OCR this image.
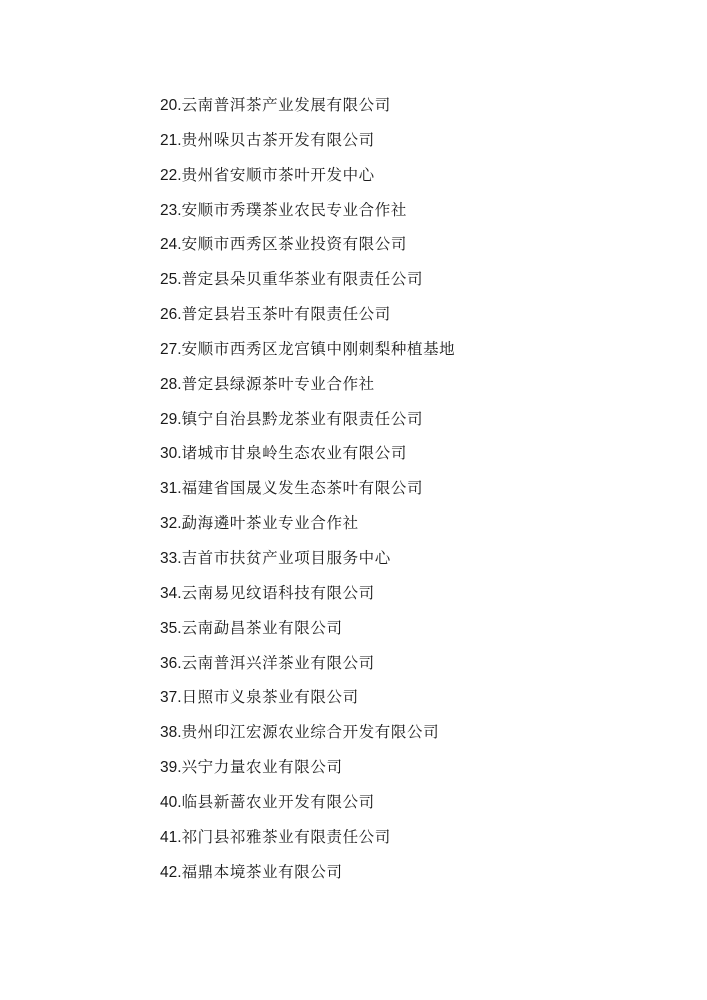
20.云南普洱茶产业发展有限公司
21.贵州哚贝古茶开发有限公司
22.贵州省安顺市茶叶开发中心
23.安顺市秀璞茶业农民专业合作社
24.安顺市西秀区茶业投资有限公司
25.普定县朵贝重华茶业有限责任公司
26.普定县岩玉茶叶有限责任公司
27.安顺市西秀区龙宫镇中刚刺梨种植基地
28.普定县绿源茶叶专业合作社
29.镇宁自治县黔龙茶业有限责任公司
30.诸城市甘泉岭生态农业有限公司
31.福建省国晟义发生态茶叶有限公司
32.勐海遴叶茶业专业合作社
33.吉首市扶贫产业项目服务中心
34.云南易见纹语科技有限公司
35.云南勐昌茶业有限公司
36.云南普洱兴洋茶业有限公司
37.日照市义泉茶业有限公司
38.贵州印江宏源农业综合开发有限公司
39.兴宁力量农业有限公司
40.临县新蔷农业开发有限公司
41.祁门县祁雅茶业有限责任公司
42.福鼎本境茶业有限公司
